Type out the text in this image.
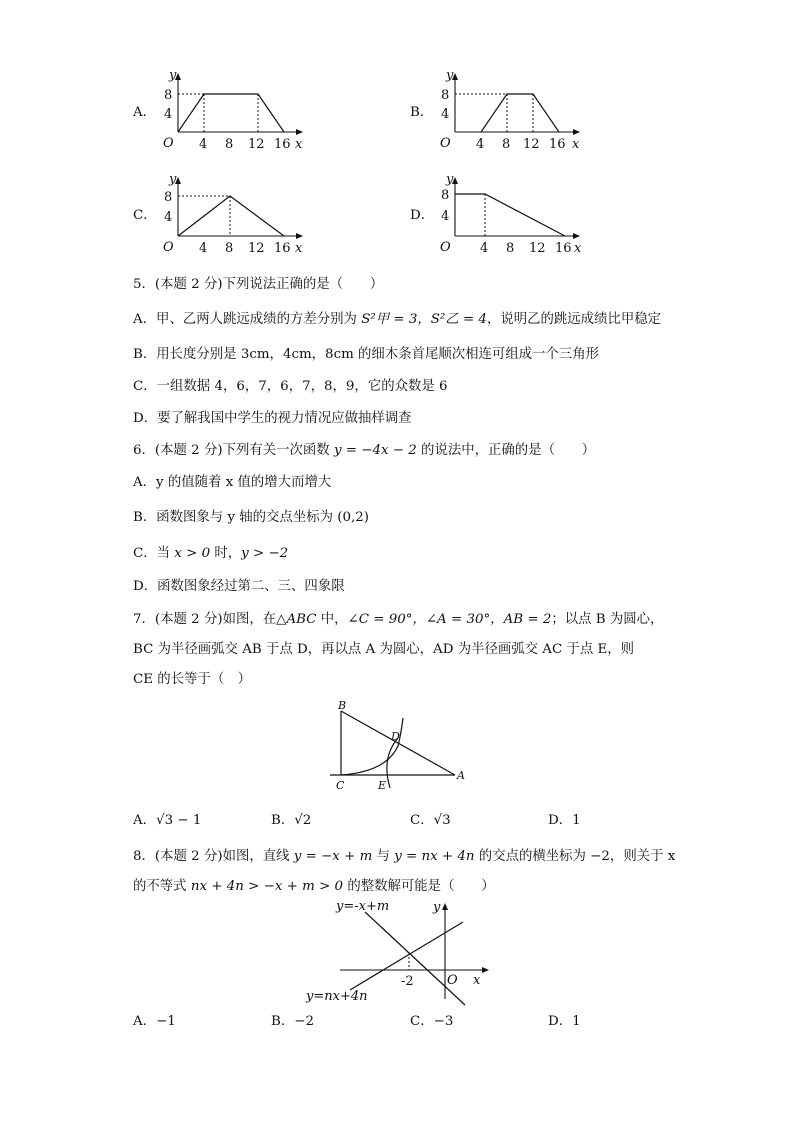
A．	B．
C．	D．
y
8
4
O 4 8 12 16 x
y
8
4
O 4 8 12 16 x
y
8
4
O 4 8 12 16 x
y
8
4
O 4 8 12 16 x
5．(本题 2 分)下列说法正确的是（　　）
A．甲、乙两人跳远成绩的方差分别为 S²甲 = 3，S²乙 = 4，说明乙的跳远成绩比甲稳定
B．用长度分别是 3cm，4cm，8cm 的细木条首尾顺次相连可组成一个三角形
C．一组数据 4，6，7，6，7，8，9，它的众数是 6
D．要了解我国中学生的视力情况应做抽样调查
6．(本题 2 分)下列有关一次函数 y = −4x − 2 的说法中，正确的是（　　）
A．y 的值随着 x 值的增大而增大
B．函数图象与 y 轴的交点坐标为 (0,2)
C．当 x > 0 时，y > −2
D．函数图象经过第二、三、四象限
7．(本题 2 分)如图，在△ABC 中，∠C = 90°，∠A = 30°，AB = 2；以点 B 为圆心，
BC 为半径画弧交 AB 于点 D，再以点 A 为圆心，AD 为半径画弧交 AC 于点 E，则
CE 的长等于（　）
B
C
D
E
A
A．√3 − 1	B．√2	C．√3	D．1
8．(本题 2 分)如图，直线 y = −x + m 与 y = nx + 4n 的交点的横坐标为 −2，则关于 x
的不等式 nx + 4n > −x + m > 0 的整数解可能是（　　）
y=-x+m
y=nx+4n
y
x
O
-2
A．−1	B．−2	C．−3	D．1
